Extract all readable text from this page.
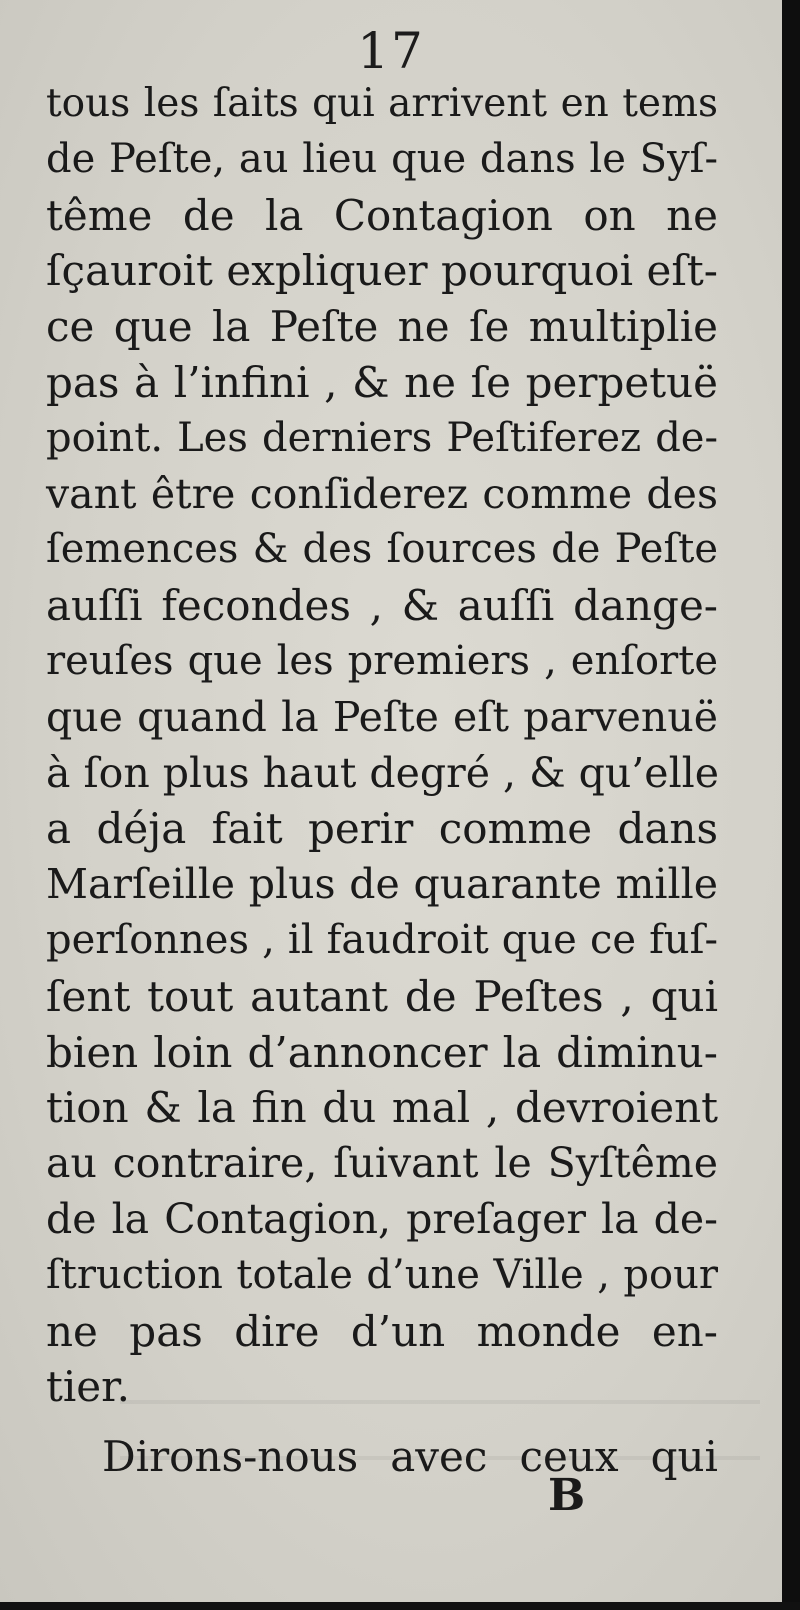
17
tous les ſaits qui arrivent en tems
de Peſte, au lieu que dans le Syſ-
tême de la Contagion on ne
ſçauroit expliquer pourquoi eſt-
ce que la Peſte ne ſe multiplie
pas à l’infini , & ne ſe perpetuë
point. Les derniers Peſtiferez de-
vant être conſiderez comme des
ſemences & des ſources de Peſte
auſſi fecondes , & auſſi dange-
reuſes que les premiers , enſorte
que quand la Peſte eſt parvenuë
à ſon plus haut degré , & qu’elle
a déja fait perir comme dans
Marſeille plus de quarante mille
perſonnes , il faudroit que ce fuſ-
ſent tout autant de Peſtes , qui
bien loin d’annoncer la diminu-
tion & la fin du mal , devroient
au contraire, ſuivant le Syſtême
de la Contagion, preſager la de-
ſtruction totale d’une Ville , pour
ne pas dire d’un monde en-
tier.
Dirons-nous avec ceux qui
B
